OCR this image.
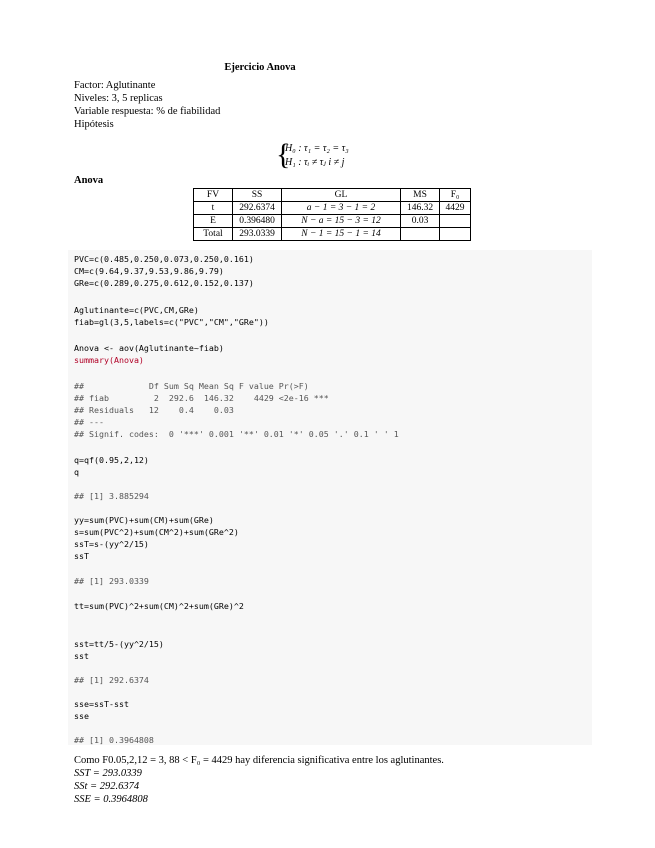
Ejercicio Anova
Factor: Aglutinante
Niveles: 3, 5 replicas
Variable respuesta: % de fiabilidad
Hipótesis
{
H₀ : τ₁ = τ₂ = τ₃
H₁ : τᵢ ≠ τⱼ i ≠ j
Anova
FV	SS	GL	MS	F₀
t	292.6374	a − 1 = 3 − 1 = 2	146.32	4429
E	0.396480	N − a = 15 − 3 = 12	0.03	
Total	293.0339	N − 1 = 15 − 1 = 14		
PVC=c(0.485,0.250,0.073,0.250,0.161)
CM=c(9.64,9.37,9.53,9.86,9.79)
GRe=c(0.289,0.275,0.612,0.152,0.137)
Aglutinante=c(PVC,CM,GRe)
fiab=gl(3,5,labels=c("PVC","CM","GRe"))
Anova <- aov(Aglutinante~fiab)
summary(Anova)
##             Df Sum Sq Mean Sq F value Pr(>F)
## fiab         2  292.6  146.32    4429 <2e-16 ***
## Residuals   12    0.4    0.03
## ---
## Signif. codes:  0 '***' 0.001 '**' 0.01 '*' 0.05 '.' 0.1 ' ' 1
q=qf(0.95,2,12)
q
## [1] 3.885294
yy=sum(PVC)+sum(CM)+sum(GRe)
s=sum(PVC^2)+sum(CM^2)+sum(GRe^2)
ssT=s-(yy^2/15)
ssT
## [1] 293.0339
tt=sum(PVC)^2+sum(CM)^2+sum(GRe)^2
sst=tt/5-(yy^2/15)
sst
## [1] 292.6374
sse=ssT-sst
sse
## [1] 0.3964808
Como F0.05,2,12 = 3, 88 < F₀ = 4429 hay diferencia significativa entre los aglutinantes.
SST = 293.0339
SSt = 292.6374
SSE = 0.3964808
